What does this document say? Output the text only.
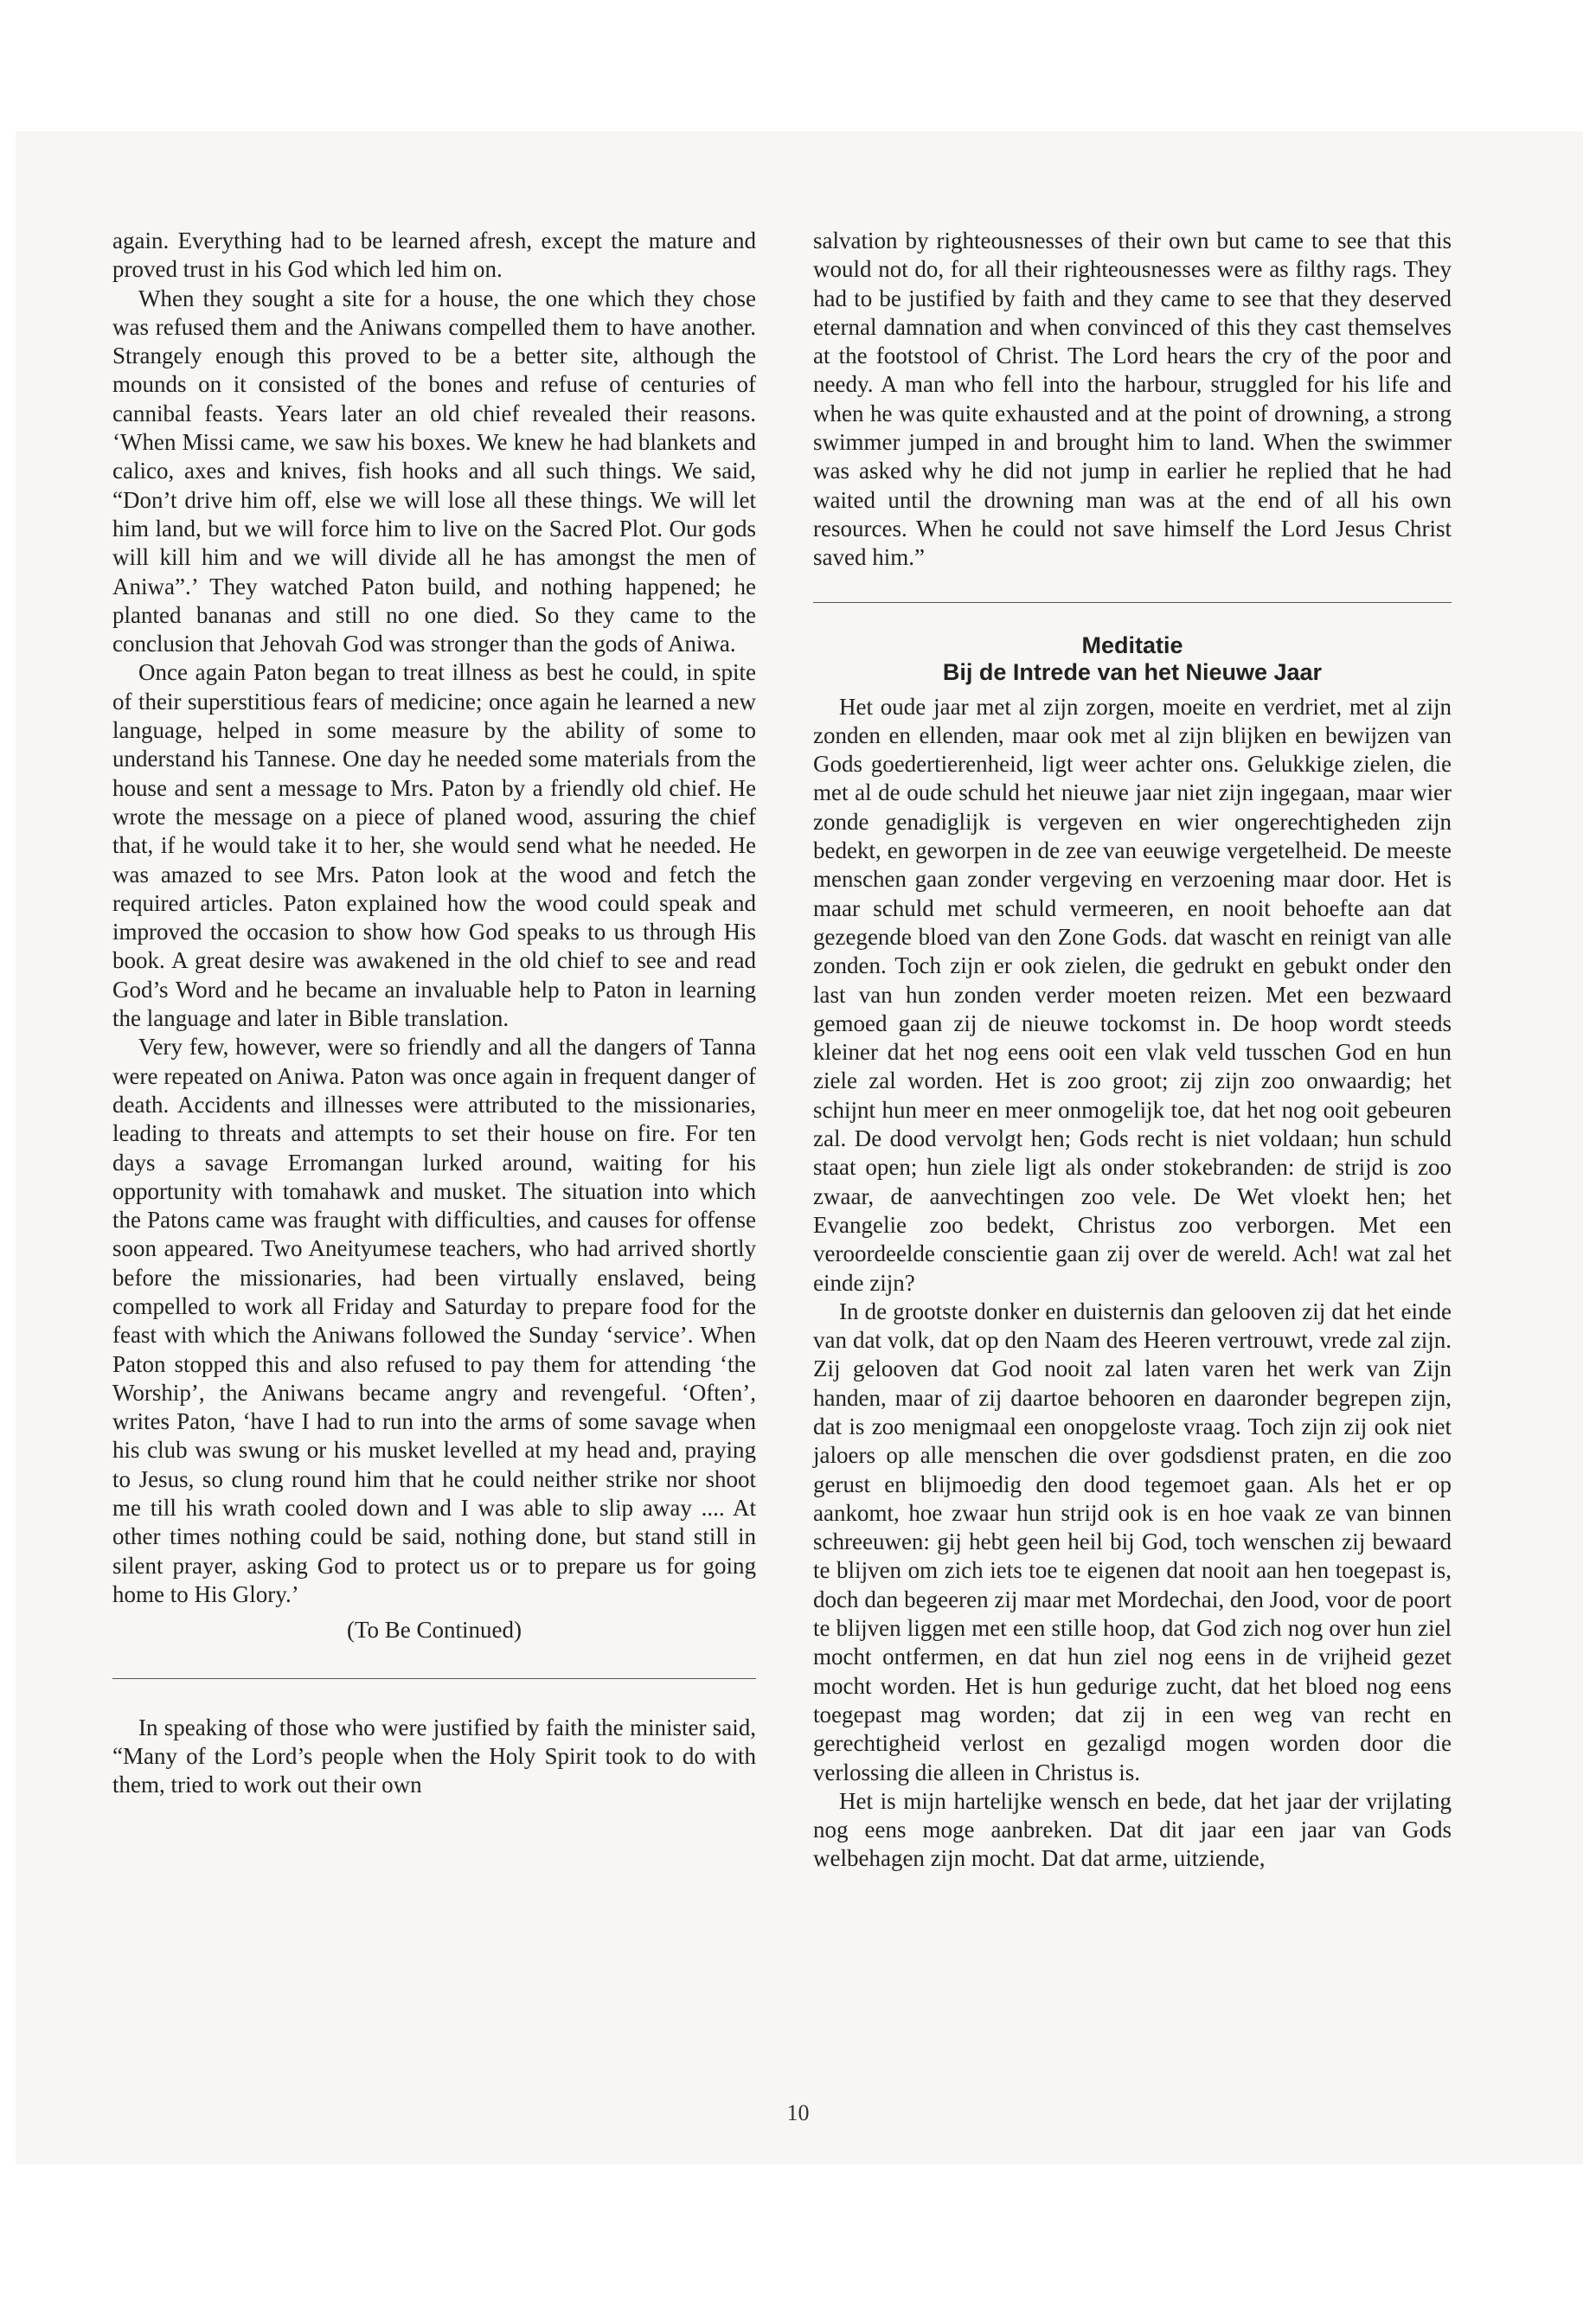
again. Everything had to be learned afresh, except the mature and proved trust in his God which led him on.

When they sought a site for a house, the one which they chose was refused them and the Aniwans compelled them to have another. Strangely enough this proved to be a better site, although the mounds on it consisted of the bones and refuse of centuries of cannibal feasts. Years later an old chief revealed their reasons. ‘When Missi came, we saw his boxes. We knew he had blankets and calico, axes and knives, fish hooks and all such things. We said, “Don’t drive him off, else we will lose all these things. We will let him land, but we will force him to live on the Sacred Plot. Our gods will kill him and we will divide all he has amongst the men of Aniwa”.’ They watched Paton build, and nothing happened; he planted bananas and still no one died. So they came to the conclusion that Jehovah God was stronger than the gods of Aniwa.

Once again Paton began to treat illness as best he could, in spite of their superstitious fears of medicine; once again he learned a new language, helped in some measure by the ability of some to understand his Tannese. One day he needed some materials from the house and sent a message to Mrs. Paton by a friendly old chief. He wrote the message on a piece of planed wood, assuring the chief that, if he would take it to her, she would send what he needed. He was amazed to see Mrs. Paton look at the wood and fetch the required articles. Paton explained how the wood could speak and improved the occasion to show how God speaks to us through His book. A great desire was awakened in the old chief to see and read God’s Word and he became an invaluable help to Paton in learning the language and later in Bible translation.

Very few, however, were so friendly and all the dangers of Tanna were repeated on Aniwa. Paton was once again in frequent danger of death. Accidents and illnesses were attributed to the missionaries, leading to threats and attempts to set their house on fire. For ten days a savage Erromangan lurked around, waiting for his opportunity with tomahawk and musket. The situation into which the Patons came was fraught with difficulties, and causes for offense soon appeared. Two Aneityumese teachers, who had arrived shortly before the missionaries, had been virtually enslaved, being compelled to work all Friday and Saturday to prepare food for the feast with which the Aniwans followed the Sunday ‘service’. When Paton stopped this and also refused to pay them for attending ‘the Worship’, the Aniwans became angry and revengeful. ‘Often’, writes Paton, ‘have I had to run into the arms of some savage when his club was swung or his musket levelled at my head and, praying to Jesus, so clung round him that he could neither strike nor shoot me till his wrath cooled down and I was able to slip away .... At other times nothing could be said, nothing done, but stand still in silent prayer, asking God to protect us or to prepare us for going home to His Glory.’

(To Be Continued)

In speaking of those who were justified by faith the minister said, “Many of the Lord’s people when the Holy Spirit took to do with them, tried to work out their own

salvation by righteousnesses of their own but came to see that this would not do, for all their righteousnesses were as filthy rags. They had to be justified by faith and they came to see that they deserved eternal damnation and when convinced of this they cast themselves at the footstool of Christ. The Lord hears the cry of the poor and needy. A man who fell into the harbour, struggled for his life and when he was quite exhausted and at the point of drowning, a strong swimmer jumped in and brought him to land. When the swimmer was asked why he did not jump in earlier he replied that he had waited until the drowning man was at the end of all his own resources. When he could not save himself the Lord Jesus Christ saved him.”

Meditatie
Bij de Intrede van het Nieuwe Jaar

Het oude jaar met al zijn zorgen, moeite en verdriet, met al zijn zonden en ellenden, maar ook met al zijn blijken en bewijzen van Gods goedertierenheid, ligt weer achter ons. Gelukkige zielen, die met al de oude schuld het nieuwe jaar niet zijn ingegaan, maar wier zonde genadiglijk is vergeven en wier ongerechtigheden zijn bedekt, en geworpen in de zee van eeuwige vergetelheid. De meeste menschen gaan zonder vergeving en verzoening maar door. Het is maar schuld met schuld vermeeren, en nooit behoefte aan dat gezegende bloed van den Zone Gods. dat wascht en reinigt van alle zonden. Toch zijn er ook zielen, die gedrukt en gebukt onder den last van hun zonden verder moeten reizen. Met een bezwaard gemoed gaan zij de nieuwe tockomst in. De hoop wordt steeds kleiner dat het nog eens ooit een vlak veld tusschen God en hun ziele zal worden. Het is zoo groot; zij zijn zoo onwaardig; het schijnt hun meer en meer onmogelijk toe, dat het nog ooit gebeuren zal. De dood vervolgt hen; Gods recht is niet voldaan; hun schuld staat open; hun ziele ligt als onder stokebranden: de strijd is zoo zwaar, de aanvechtingen zoo vele. De Wet vloekt hen; het Evangelie zoo bedekt, Christus zoo verborgen. Met een veroordeelde conscientie gaan zij over de wereld. Ach! wat zal het einde zijn?

In de grootste donker en duisternis dan gelooven zij dat het einde van dat volk, dat op den Naam des Heeren vertrouwt, vrede zal zijn. Zij gelooven dat God nooit zal laten varen het werk van Zijn handen, maar of zij daartoe behooren en daaronder begrepen zijn, dat is zoo menigmaal een onopgeloste vraag. Toch zijn zij ook niet jaloers op alle menschen die over godsdienst praten, en die zoo gerust en blijmoedig den dood tegemoet gaan. Als het er op aankomt, hoe zwaar hun strijd ook is en hoe vaak ze van binnen schreeuwen: gij hebt geen heil bij God, toch wenschen zij bewaard te blijven om zich iets toe te eigenen dat nooit aan hen toegepast is, doch dan begeeren zij maar met Mordechai, den Jood, voor de poort te blijven liggen met een stille hoop, dat God zich nog over hun ziel mocht ontfermen, en dat hun ziel nog eens in de vrijheid gezet mocht worden. Het is hun gedurige zucht, dat het bloed nog eens toegepast mag worden; dat zij in een weg van recht en gerechtigheid verlost en gezaligd mogen worden door die verlossing die alleen in Christus is.

Het is mijn hartelijke wensch en bede, dat het jaar der vrijlating nog eens moge aanbreken. Dat dit jaar een jaar van Gods welbehagen zijn mocht. Dat dat arme, uitziende,

10
